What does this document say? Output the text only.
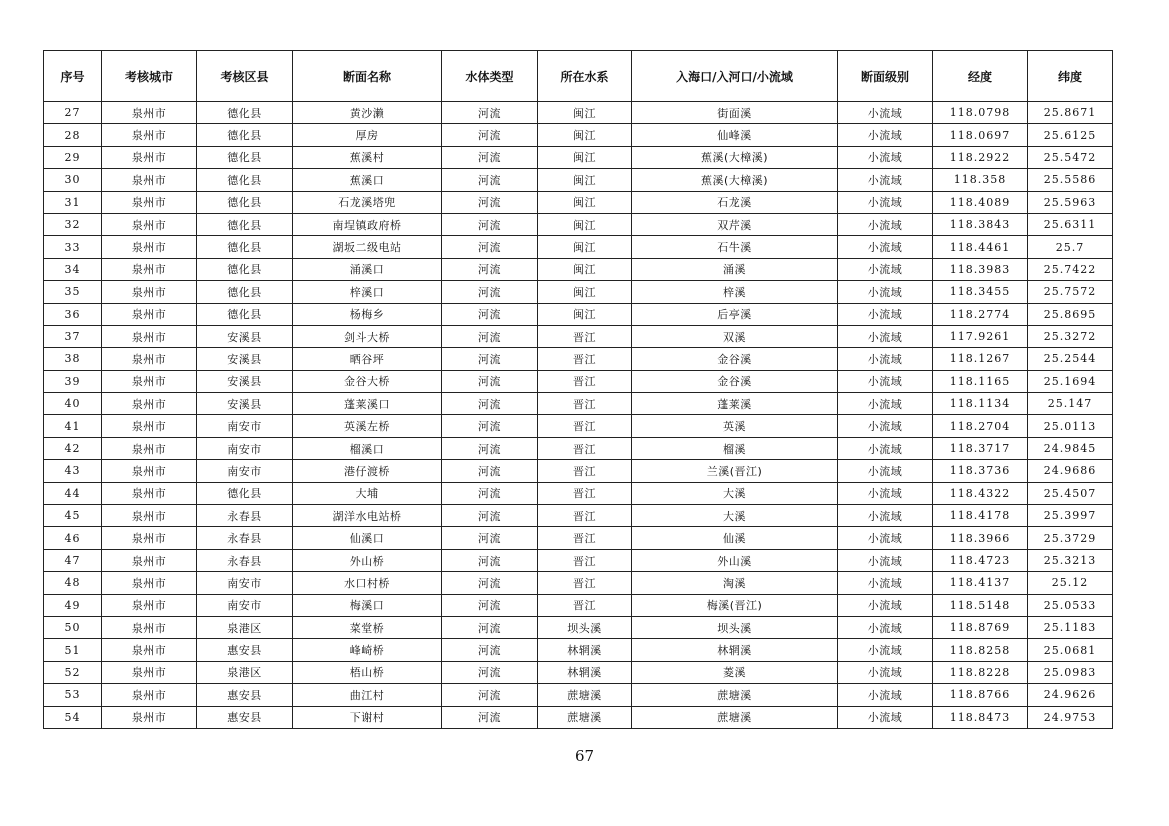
序号	考核城市	考核区县	断面名称	水体类型	所在水系	入海口/入河口/小流域	断面级别	经度	纬度
27	泉州市	德化县	黄沙濑	河流	闽江	街面溪	小流域	118.0798	25.8671
28	泉州市	德化县	厚房	河流	闽江	仙峰溪	小流域	118.0697	25.6125
29	泉州市	德化县	蕉溪村	河流	闽江	蕉溪(大樟溪)	小流域	118.2922	25.5472
30	泉州市	德化县	蕉溪口	河流	闽江	蕉溪(大樟溪)	小流域	118.358	25.5586
31	泉州市	德化县	石龙溪塔兜	河流	闽江	石龙溪	小流域	118.4089	25.5963
32	泉州市	德化县	南埕镇政府桥	河流	闽江	双芹溪	小流域	118.3843	25.6311
33	泉州市	德化县	湖坂二级电站	河流	闽江	石牛溪	小流域	118.4461	25.7
34	泉州市	德化县	涌溪口	河流	闽江	涌溪	小流域	118.3983	25.7422
35	泉州市	德化县	梓溪口	河流	闽江	梓溪	小流域	118.3455	25.7572
36	泉州市	德化县	杨梅乡	河流	闽江	后亭溪	小流域	118.2774	25.8695
37	泉州市	安溪县	剑斗大桥	河流	晋江	双溪	小流域	117.9261	25.3272
38	泉州市	安溪县	晒谷坪	河流	晋江	金谷溪	小流域	118.1267	25.2544
39	泉州市	安溪县	金谷大桥	河流	晋江	金谷溪	小流域	118.1165	25.1694
40	泉州市	安溪县	蓬莱溪口	河流	晋江	蓬莱溪	小流域	118.1134	25.147
41	泉州市	南安市	英溪左桥	河流	晋江	英溪	小流域	118.2704	25.0113
42	泉州市	南安市	榴溪口	河流	晋江	榴溪	小流域	118.3717	24.9845
43	泉州市	南安市	港仔渡桥	河流	晋江	兰溪(晋江)	小流域	118.3736	24.9686
44	泉州市	德化县	大埔	河流	晋江	大溪	小流域	118.4322	25.4507
45	泉州市	永春县	湖洋水电站桥	河流	晋江	大溪	小流域	118.4178	25.3997
46	泉州市	永春县	仙溪口	河流	晋江	仙溪	小流域	118.3966	25.3729
47	泉州市	永春县	外山桥	河流	晋江	外山溪	小流域	118.4723	25.3213
48	泉州市	南安市	水口村桥	河流	晋江	淘溪	小流域	118.4137	25.12
49	泉州市	南安市	梅溪口	河流	晋江	梅溪(晋江)	小流域	118.5148	25.0533
50	泉州市	泉港区	菜堂桥	河流	坝头溪	坝头溪	小流域	118.8769	25.1183
51	泉州市	惠安县	峰崎桥	河流	林辋溪	林辋溪	小流域	118.8258	25.0681
52	泉州市	泉港区	梧山桥	河流	林辋溪	菱溪	小流域	118.8228	25.0983
53	泉州市	惠安县	曲江村	河流	蔗塘溪	蔗塘溪	小流域	118.8766	24.9626
54	泉州市	惠安县	下谢村	河流	蔗塘溪	蔗塘溪	小流域	118.8473	24.9753
67
